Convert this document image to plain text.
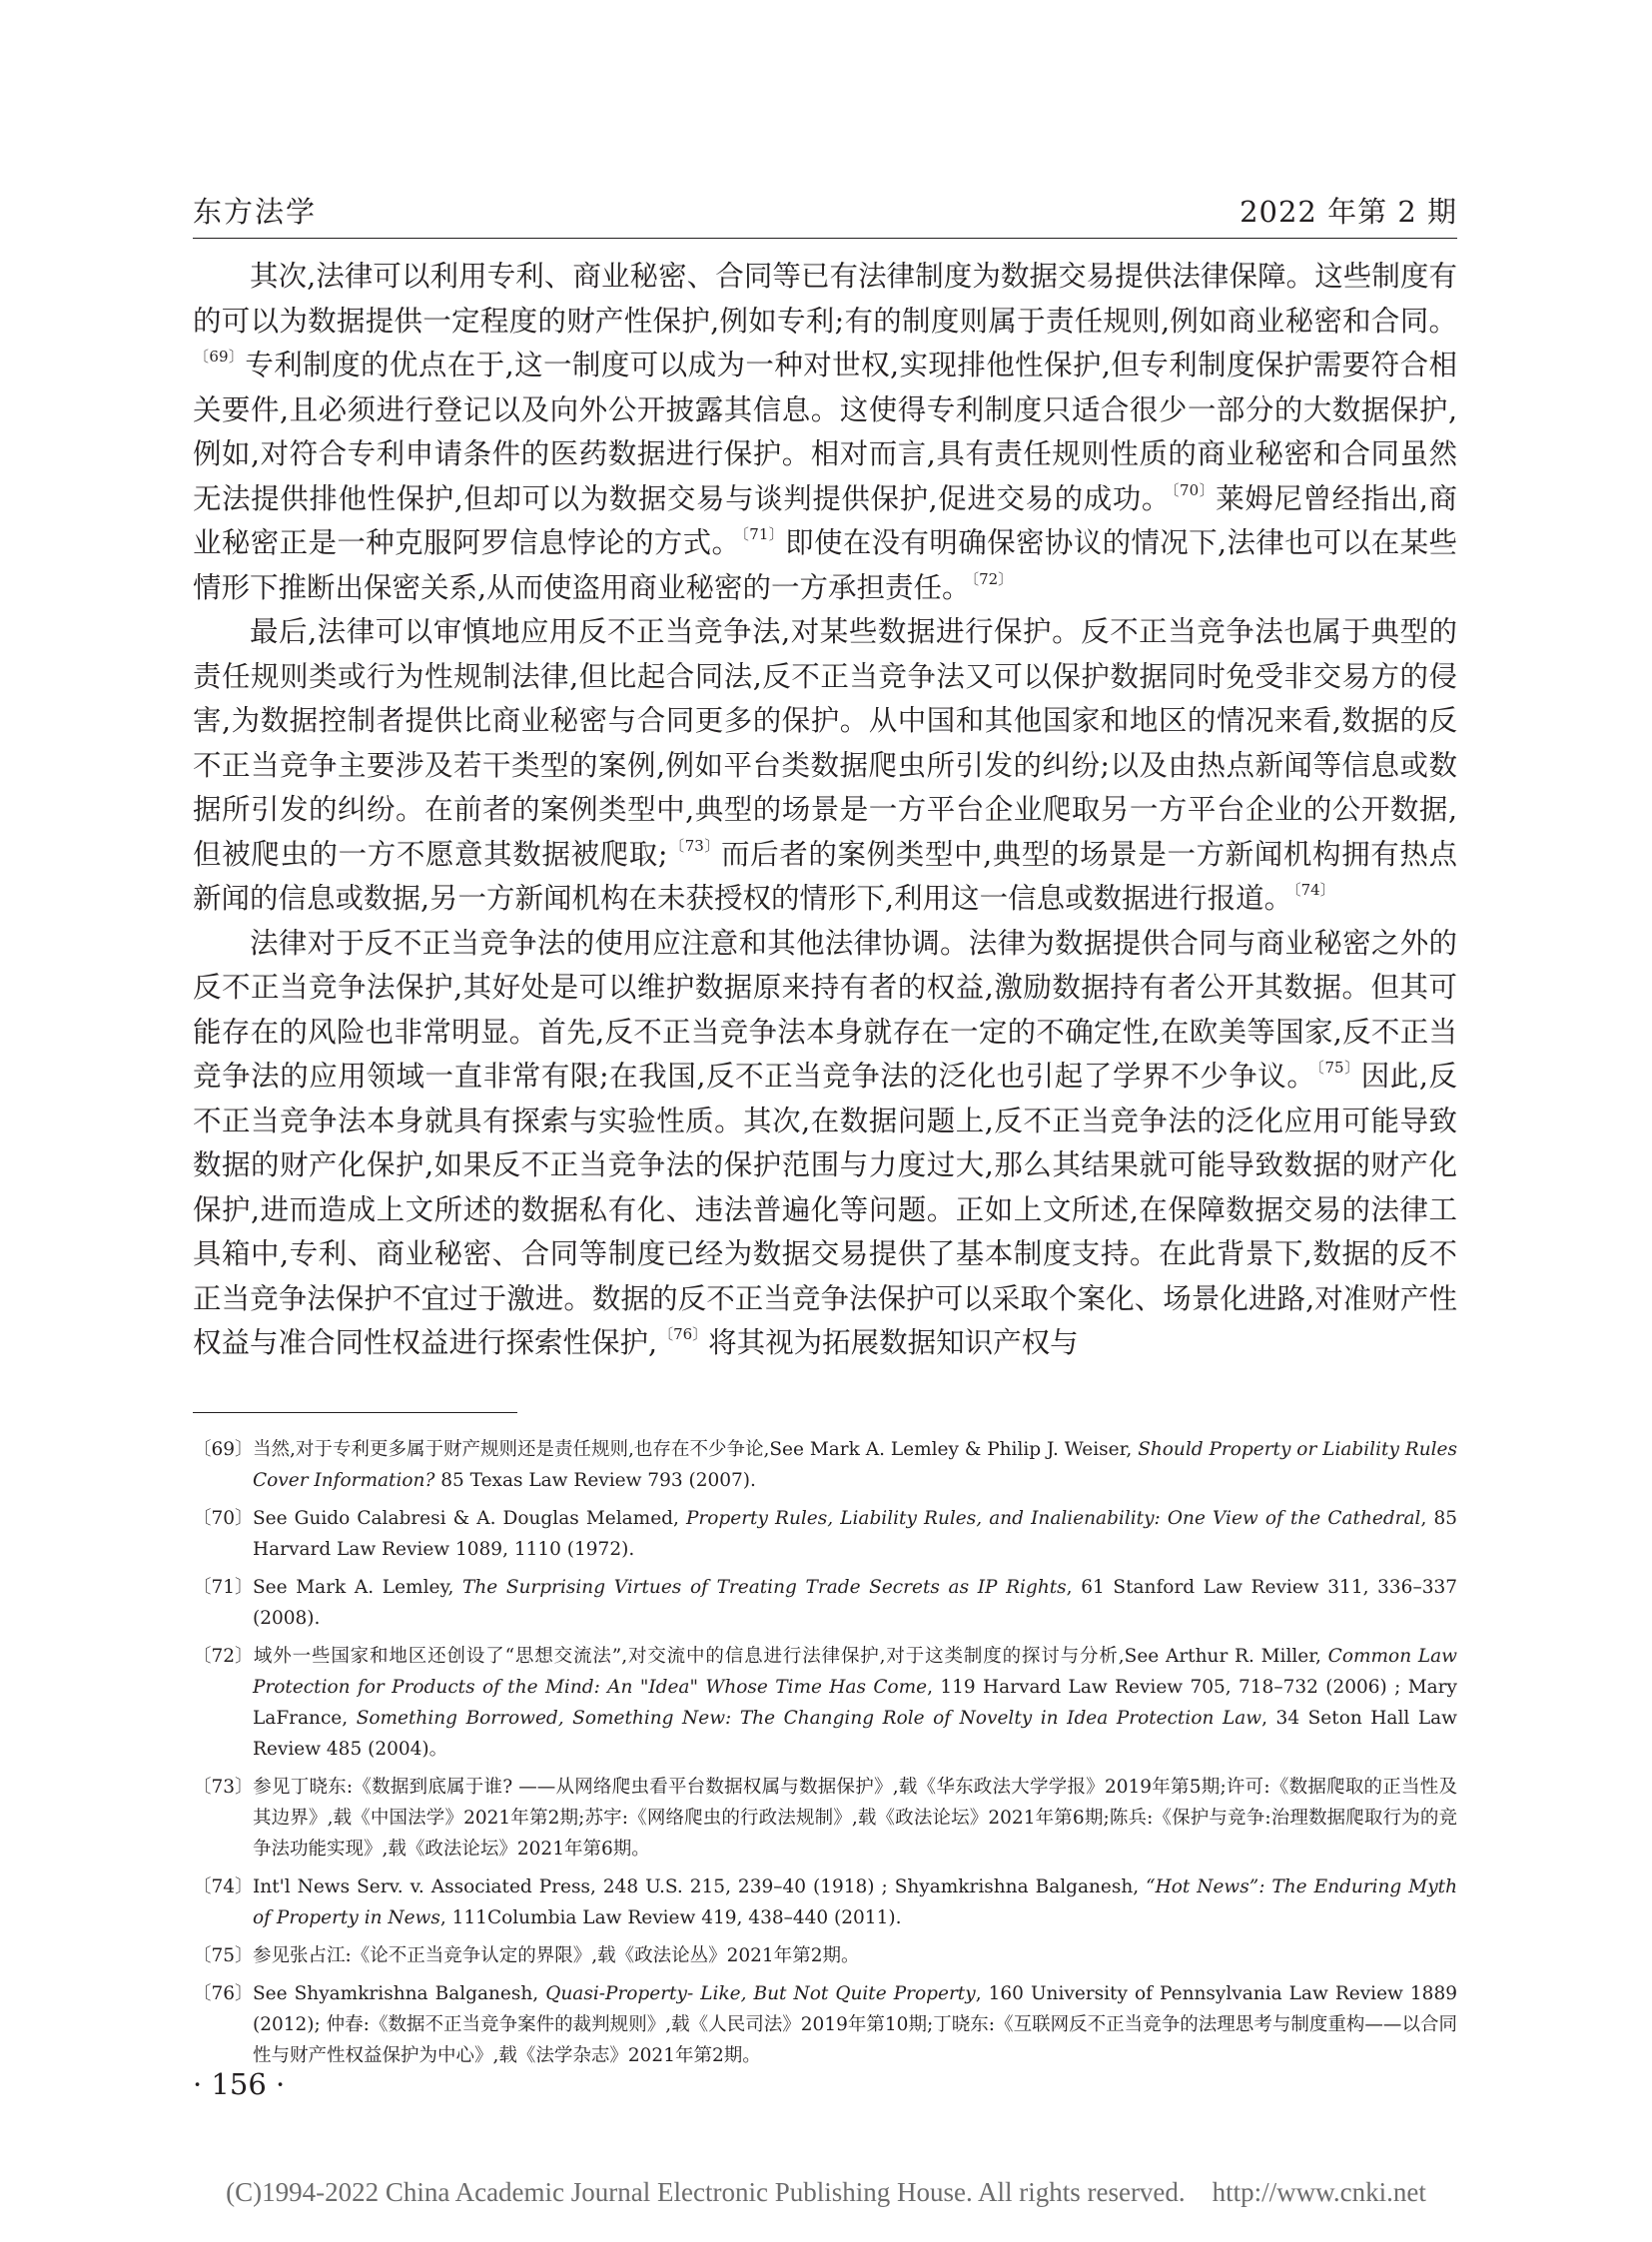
东方法学	2022 年第 2 期

其次,法律可以利用专利、商业秘密、合同等已有法律制度为数据交易提供法律保障。这些制度有的可以为数据提供一定程度的财产性保护,例如专利;有的制度则属于责任规则,例如商业秘密和合同。$^{〔69〕}$专利制度的优点在于,这一制度可以成为一种对世权,实现排他性保护,但专利制度保护需要符合相关要件,且必须进行登记以及向外公开披露其信息。这使得专利制度只适合很少一部分的大数据保护,例如,对符合专利申请条件的医药数据进行保护。相对而言,具有责任规则性质的商业秘密和合同虽然无法提供排他性保护,但却可以为数据交易与谈判提供保护,促进交易的成功。$^{〔70〕}$莱姆尼曾经指出,商业秘密正是一种克服阿罗信息悖论的方式。$^{〔71〕}$即使在没有明确保密协议的情况下,法律也可以在某些情形下推断出保密关系,从而使盗用商业秘密的一方承担责任。$^{〔72〕}$

最后,法律可以审慎地应用反不正当竞争法,对某些数据进行保护。反不正当竞争法也属于典型的责任规则类或行为性规制法律,但比起合同法,反不正当竞争法又可以保护数据同时免受非交易方的侵害,为数据控制者提供比商业秘密与合同更多的保护。从中国和其他国家和地区的情况来看,数据的反不正当竞争主要涉及若干类型的案例,例如平台类数据爬虫所引发的纠纷;以及由热点新闻等信息或数据所引发的纠纷。在前者的案例类型中,典型的场景是一方平台企业爬取另一方平台企业的公开数据,但被爬虫的一方不愿意其数据被爬取;$^{〔73〕}$而后者的案例类型中,典型的场景是一方新闻机构拥有热点新闻的信息或数据,另一方新闻机构在未获授权的情形下,利用这一信息或数据进行报道。$^{〔74〕}$

法律对于反不正当竞争法的使用应注意和其他法律协调。法律为数据提供合同与商业秘密之外的反不正当竞争法保护,其好处是可以维护数据原来持有者的权益,激励数据持有者公开其数据。但其可能存在的风险也非常明显。首先,反不正当竞争法本身就存在一定的不确定性,在欧美等国家,反不正当竞争法的应用领域一直非常有限;在我国,反不正当竞争法的泛化也引起了学界不少争议。$^{〔75〕}$因此,反不正当竞争法本身就具有探索与实验性质。其次,在数据问题上,反不正当竞争法的泛化应用可能导致数据的财产化保护,如果反不正当竞争法的保护范围与力度过大,那么其结果就可能导致数据的财产化保护,进而造成上文所述的数据私有化、违法普遍化等问题。正如上文所述,在保障数据交易的法律工具箱中,专利、商业秘密、合同等制度已经为数据交易提供了基本制度支持。在此背景下,数据的反不正当竞争法保护不宜过于激进。数据的反不正当竞争法保护可以采取个案化、场景化进路,对准财产性权益与准合同性权益进行探索性保护,$^{〔76〕}$将其视为拓展数据知识产权与

〔69〕当然,对于专利更多属于财产规则还是责任规则,也存在不少争论,See Mark A. Lemley & Philip J. Weiser, Should Property or Liability Rules Cover Information? 85 Texas Law Review 793 (2007).

〔70〕See Guido Calabresi & A. Douglas Melamed, Property Rules, Liability Rules, and Inalienability: One View of the Cathedral, 85 Harvard Law Review 1089, 1110 (1972).

〔71〕See Mark A. Lemley, The Surprising Virtues of Treating Trade Secrets as IP Rights, 61 Stanford Law Review 311, 336–337 (2008).

〔72〕域外一些国家和地区还创设了“思想交流法”,对交流中的信息进行法律保护,对于这类制度的探讨与分析,See Arthur R. Miller, Common Law Protection for Products of the Mind: An "Idea" Whose Time Has Come, 119 Harvard Law Review 705, 718–732 (2006) ; Mary LaFrance, Something Borrowed, Something New: The Changing Role of Novelty in Idea Protection Law, 34 Seton Hall Law Review 485 (2004)。

〔73〕参见丁晓东:《数据到底属于谁? ——从网络爬虫看平台数据权属与数据保护》,载《华东政法大学学报》2019年第5期;许可:《数据爬取的正当性及其边界》,载《中国法学》2021年第2期;苏宇:《网络爬虫的行政法规制》,载《政法论坛》2021年第6期;陈兵:《保护与竞争:治理数据爬取行为的竞争法功能实现》,载《政法论坛》2021年第6期。

〔74〕Int'l News Serv. v. Associated Press, 248 U.S. 215, 239–40 (1918) ; Shyamkrishna Balganesh, “Hot News”: The Enduring Myth of Property in News, 111Columbia Law Review 419, 438–440 (2011).

〔75〕参见张占江:《论不正当竞争认定的界限》,载《政法论丛》2021年第2期。

〔76〕See Shyamkrishna Balganesh, Quasi-Property- Like, But Not Quite Property, 160 University of Pennsylvania Law Review 1889 (2012); 仲春:《数据不正当竞争案件的裁判规则》,载《人民司法》2019年第10期;丁晓东:《互联网反不正当竞争的法理思考与制度重构——以合同性与财产性权益保护为中心》,载《法学杂志》2021年第2期。

· 156 ·
(C)1994-2022 China Academic Journal Electronic Publishing House. All rights reserved.    http://www.cnki.net
